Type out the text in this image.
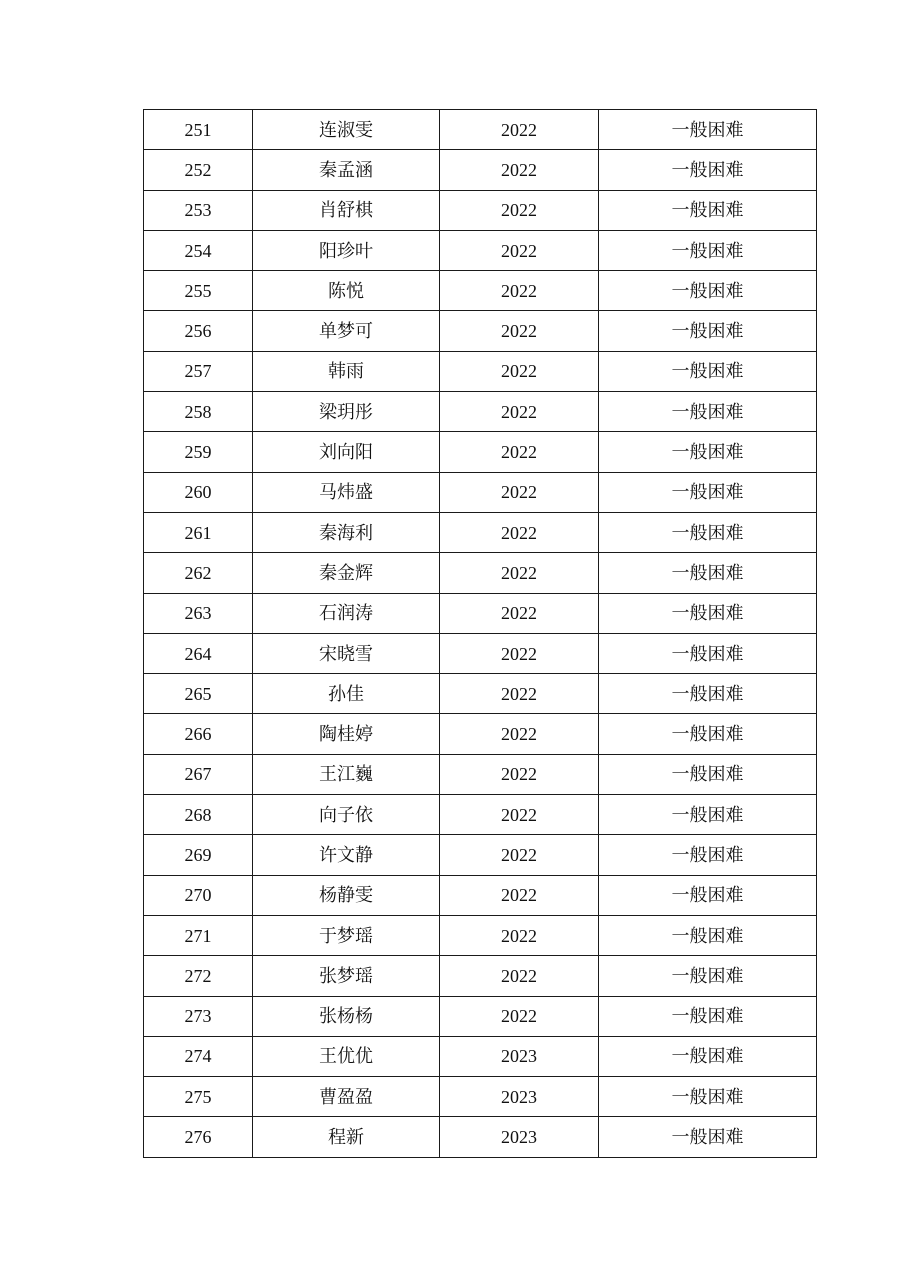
251	连淑雯	2022	一般困难
252	秦孟涵	2022	一般困难
253	肖舒棋	2022	一般困难
254	阳珍叶	2022	一般困难
255	陈悦	2022	一般困难
256	单梦可	2022	一般困难
257	韩雨	2022	一般困难
258	梁玥彤	2022	一般困难
259	刘向阳	2022	一般困难
260	马炜盛	2022	一般困难
261	秦海利	2022	一般困难
262	秦金辉	2022	一般困难
263	石润涛	2022	一般困难
264	宋晓雪	2022	一般困难
265	孙佳	2022	一般困难
266	陶桂婷	2022	一般困难
267	王江巍	2022	一般困难
268	向子依	2022	一般困难
269	许文静	2022	一般困难
270	杨静雯	2022	一般困难
271	于梦瑶	2022	一般困难
272	张梦瑶	2022	一般困难
273	张杨杨	2022	一般困难
274	王优优	2023	一般困难
275	曹盈盈	2023	一般困难
276	程新	2023	一般困难
